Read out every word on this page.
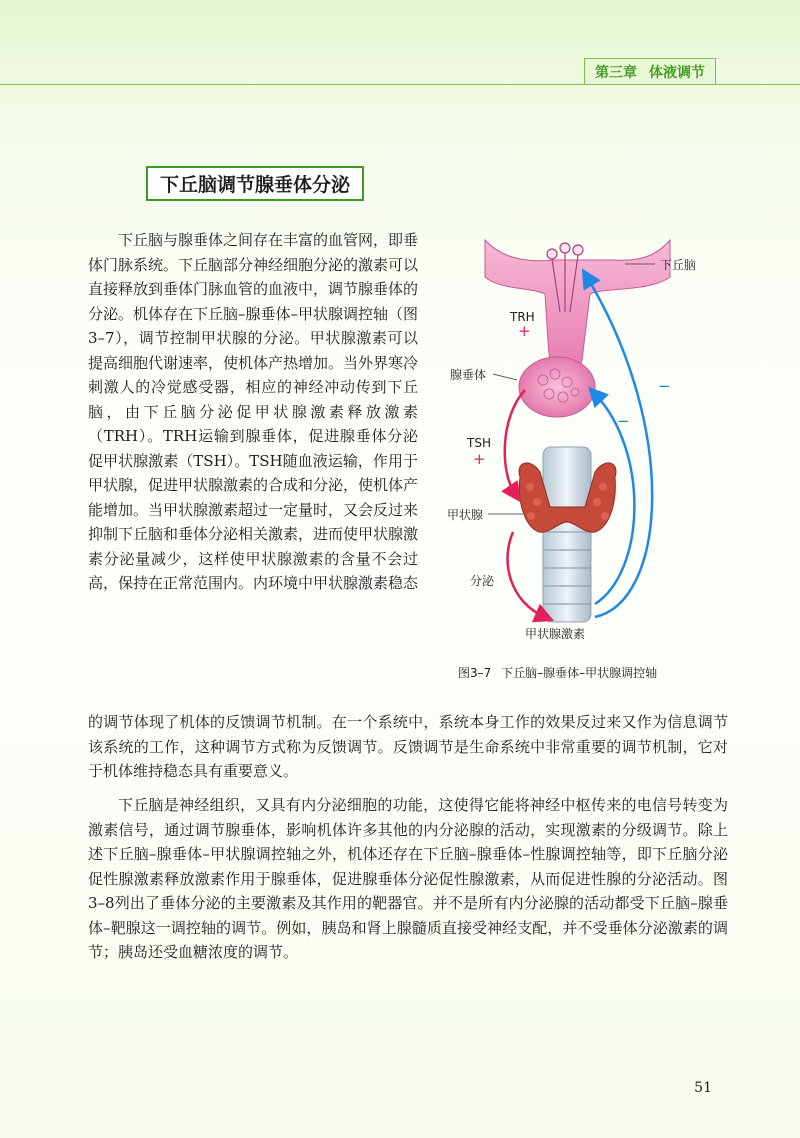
第三章 体液调节
下丘脑调节腺垂体分泌
下丘脑与腺垂体之间存在丰富的血管网，即垂体门脉系统。下丘脑部分神经细胞分泌的激素可以直接释放到垂体门脉血管的血液中，调节腺垂体的分泌。机体存在下丘脑–腺垂体–甲状腺调控轴（图3–7），调节控制甲状腺的分泌。甲状腺激素可以提高细胞代谢速率，使机体产热增加。当外界寒冷刺激人的冷觉感受器，相应的神经冲动传到下丘脑，由下丘脑分泌促甲状腺激素释放激素（TRH）。TRH运输到腺垂体，促进腺垂体分泌促甲状腺激素（TSH）。TSH随血液运输，作用于甲状腺，促进甲状腺激素的合成和分泌，使机体产能增加。当甲状腺激素超过一定量时，又会反过来抑制下丘脑和垂体分泌相关激素，进而使甲状腺激素分泌量减少，这样使甲状腺激素的含量不会过高，保持在正常范围内。内环境中甲状腺激素稳态
下丘脑
TRH
+
腺垂体
TSH
+
−
−
甲状腺
分泌
甲状腺激素
图3–7 下丘脑–腺垂体–甲状腺调控轴
的调节体现了机体的反馈调节机制。在一个系统中，系统本身工作的效果反过来又作为信息调节该系统的工作，这种调节方式称为反馈调节。反馈调节是生命系统中非常重要的调节机制，它对于机体维持稳态具有重要意义。
下丘脑是神经组织，又具有内分泌细胞的功能，这使得它能将神经中枢传来的电信号转变为激素信号，通过调节腺垂体，影响机体许多其他的内分泌腺的活动，实现激素的分级调节。除上述下丘脑–腺垂体–甲状腺调控轴之外，机体还存在下丘脑–腺垂体–性腺调控轴等，即下丘脑分泌促性腺激素释放激素作用于腺垂体，促进腺垂体分泌促性腺激素，从而促进性腺的分泌活动。图3–8列出了垂体分泌的主要激素及其作用的靶器官。并不是所有内分泌腺的活动都受下丘脑–腺垂体–靶腺这一调控轴的调节。例如，胰岛和肾上腺髓质直接受神经支配，并不受垂体分泌激素的调节；胰岛还受血糖浓度的调节。
51
